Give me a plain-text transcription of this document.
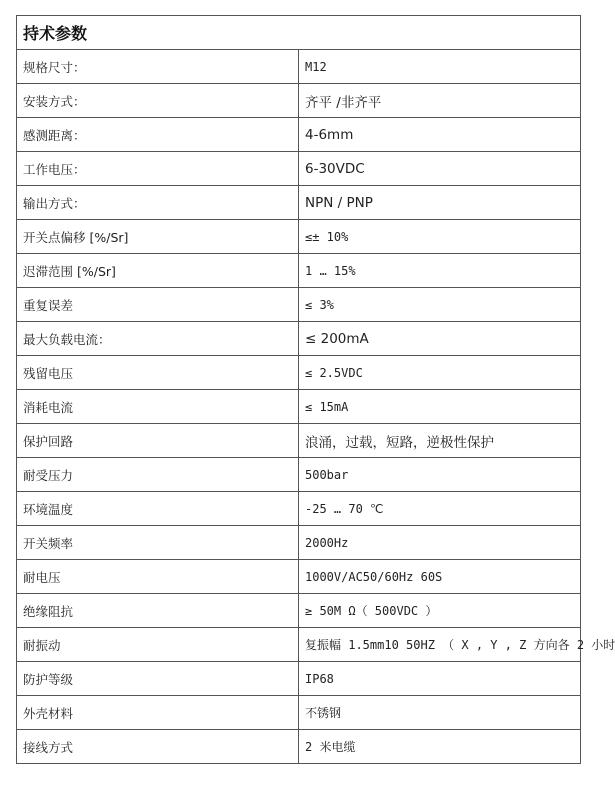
持术参数	
规格尺寸：	M12
安装方式：	齐平 /非齐平
感测距离：	4-6mm
工作电压：	6-30VDC
输出方式：	NPN / PNP
开关点偏移 [%/Sr]	≤± 10%
迟滞范围 [%/Sr]	1 … 15%
重复误差	≤ 3%
最大负载电流：	≤ 200mA
残留电压	≤ 2.5VDC
消耗电流	≤ 15mA
保护回路	浪涌，过载，短路，逆极性保护
耐受压力	500bar
环境温度	-25 … 70 ℃
开关频率	2000Hz
耐电压	1000V/AC50/60Hz 60S
绝缘阻抗	≥ 50M Ω（ 500VDC ）
耐振动	复振幅 1.5mm10 50HZ （ X , Y , Z 方向各 2 小时
防护等级	IP68
外壳材料	不锈钢
接线方式	2 米电缆
